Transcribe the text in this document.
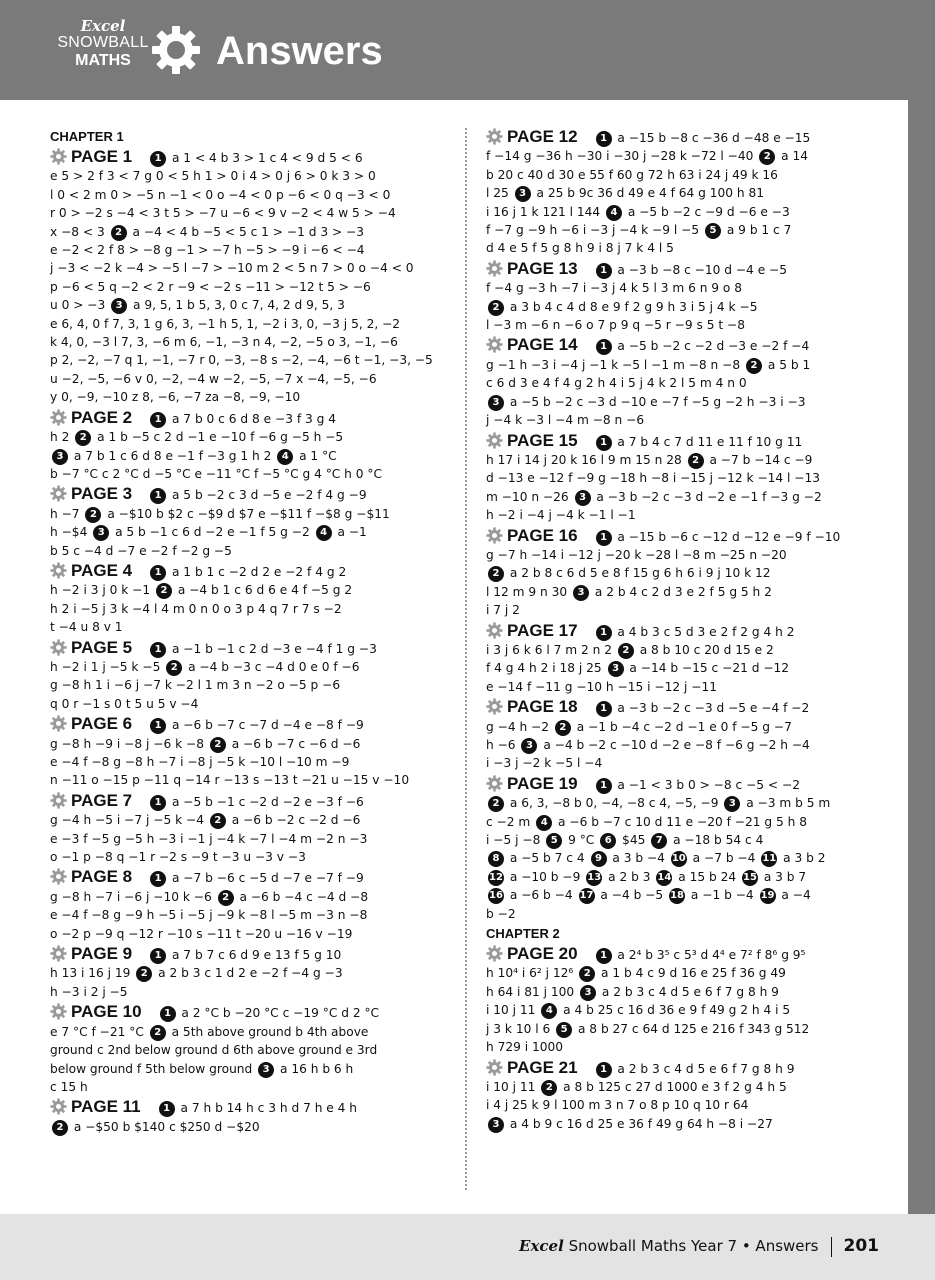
Excel
SNOWBALL
MATHS	Answers
CHAPTER 1
PAGE 1 1 a 1 < 4 b 3 > 1 c 4 < 9 d 5 < 6
e 5 > 2 f 3 < 7 g 0 < 5 h 1 > 0 i 4 > 0 j 6 > 0 k 3 > 0
l 0 < 2 m 0 > −5 n −1 < 0 o −4 < 0 p −6 < 0 q −3 < 0
r 0 > −2 s −4 < 3 t 5 > −7 u −6 < 9 v −2 < 4 w 5 > −4
x −8 < 3 2 a −4 < 4 b −5 < 5 c 1 > −1 d 3 > −3
e −2 < 2 f 8 > −8 g −1 > −7 h −5 > −9 i −6 < −4
j −3 < −2 k −4 > −5 l −7 > −10 m 2 < 5 n 7 > 0 o −4 < 0
p −6 < 5 q −2 < 2 r −9 < −2 s −11 > −12 t 5 > −6
u 0 > −3 3 a 9, 5, 1 b 5, 3, 0 c 7, 4, 2 d 9, 5, 3
e 6, 4, 0 f 7, 3, 1 g 6, 3, −1 h 5, 1, −2 i 3, 0, −3 j 5, 2, −2
k 4, 0, −3 l 7, 3, −6 m 6, −1, −3 n 4, −2, −5 o 3, −1, −6
p 2, −2, −7 q 1, −1, −7 r 0, −3, −8 s −2, −4, −6 t −1, −3, −5
u −2, −5, −6 v 0, −2, −4 w −2, −5, −7 x −4, −5, −6
y 0, −9, −10 z 8, −6, −7 za −8, −9, −10
PAGE 2 1 a 7 b 0 c 6 d 8 e −3 f 3 g 4
h 2 2 a 1 b −5 c 2 d −1 e −10 f −6 g −5 h −5
3 a 7 b 1 c 6 d 8 e −1 f −3 g 1 h 2 4 a 1 °C
b −7 °C c 2 °C d −5 °C e −11 °C f −5 °C g 4 °C h 0 °C
PAGE 3 1 a 5 b −2 c 3 d −5 e −2 f 4 g −9
h −7 2 a −$10 b $2 c −$9 d $7 e −$11 f −$8 g −$11
h −$4 3 a 5 b −1 c 6 d −2 e −1 f 5 g −2 4 a −1
b 5 c −4 d −7 e −2 f −2 g −5
PAGE 4 1 a 1 b 1 c −2 d 2 e −2 f 4 g 2
h −2 i 3 j 0 k −1 2 a −4 b 1 c 6 d 6 e 4 f −5 g 2
h 2 i −5 j 3 k −4 l 4 m 0 n 0 o 3 p 4 q 7 r 7 s −2
t −4 u 8 v 1
PAGE 5 1 a −1 b −1 c 2 d −3 e −4 f 1 g −3
h −2 i 1 j −5 k −5 2 a −4 b −3 c −4 d 0 e 0 f −6
g −8 h 1 i −6 j −7 k −2 l 1 m 3 n −2 o −5 p −6
q 0 r −1 s 0 t 5 u 5 v −4
PAGE 6 1 a −6 b −7 c −7 d −4 e −8 f −9
g −8 h −9 i −8 j −6 k −8 2 a −6 b −7 c −6 d −6
e −4 f −8 g −8 h −7 i −8 j −5 k −10 l −10 m −9
n −11 o −15 p −11 q −14 r −13 s −13 t −21 u −15 v −10
PAGE 7 1 a −5 b −1 c −2 d −2 e −3 f −6
g −4 h −5 i −7 j −5 k −4 2 a −6 b −2 c −2 d −6
e −3 f −5 g −5 h −3 i −1 j −4 k −7 l −4 m −2 n −3
o −1 p −8 q −1 r −2 s −9 t −3 u −3 v −3
PAGE 8 1 a −7 b −6 c −5 d −7 e −7 f −9
g −8 h −7 i −6 j −10 k −6 2 a −6 b −4 c −4 d −8
e −4 f −8 g −9 h −5 i −5 j −9 k −8 l −5 m −3 n −8
o −2 p −9 q −12 r −10 s −11 t −20 u −16 v −19
PAGE 9 1 a 7 b 7 c 6 d 9 e 13 f 5 g 10
h 13 i 16 j 19 2 a 2 b 3 c 1 d 2 e −2 f −4 g −3
h −3 i 2 j −5
PAGE 10 1 a 2 °C b −20 °C c −19 °C d 2 °C
e 7 °C f −21 °C 2 a 5th above ground b 4th above
ground c 2nd below ground d 6th above ground e 3rd
below ground f 5th below ground 3 a 16 h b 6 h
c 15 h
PAGE 11 1 a 7 h b 14 h c 3 h d 7 h e 4 h
2 a −$50 b $140 c $250 d −$20
PAGE 12 1 a −15 b −8 c −36 d −48 e −15
f −14 g −36 h −30 i −30 j −28 k −72 l −40 2 a 14
b 20 c 40 d 30 e 55 f 60 g 72 h 63 i 24 j 49 k 16
l 25 3 a 25 b 9c 36 d 49 e 4 f 64 g 100 h 81
i 16 j 1 k 121 l 144 4 a −5 b −2 c −9 d −6 e −3
f −7 g −9 h −6 i −3 j −4 k −9 l −5 5 a 9 b 1 c 7
d 4 e 5 f 5 g 8 h 9 i 8 j 7 k 4 l 5
PAGE 13 1 a −3 b −8 c −10 d −4 e −5
f −4 g −3 h −7 i −3 j 4 k 5 l 3 m 6 n 9 o 8
2 a 3 b 4 c 4 d 8 e 9 f 2 g 9 h 3 i 5 j 4 k −5
l −3 m −6 n −6 o 7 p 9 q −5 r −9 s 5 t −8
PAGE 14 1 a −5 b −2 c −2 d −3 e −2 f −4
g −1 h −3 i −4 j −1 k −5 l −1 m −8 n −8 2 a 5 b 1
c 6 d 3 e 4 f 4 g 2 h 4 i 5 j 4 k 2 l 5 m 4 n 0
3 a −5 b −2 c −3 d −10 e −7 f −5 g −2 h −3 i −3
j −4 k −3 l −4 m −8 n −6
PAGE 15 1 a 7 b 4 c 7 d 11 e 11 f 10 g 11
h 17 i 14 j 20 k 16 l 9 m 15 n 28 2 a −7 b −14 c −9
d −13 e −12 f −9 g −18 h −8 i −15 j −12 k −14 l −13
m −10 n −26 3 a −3 b −2 c −3 d −2 e −1 f −3 g −2
h −2 i −4 j −4 k −1 l −1
PAGE 16 1 a −15 b −6 c −12 d −12 e −9 f −10
g −7 h −14 i −12 j −20 k −28 l −8 m −25 n −20
2 a 2 b 8 c 6 d 5 e 8 f 15 g 6 h 6 i 9 j 10 k 12
l 12 m 9 n 30 3 a 2 b 4 c 2 d 3 e 2 f 5 g 5 h 2
i 7 j 2
PAGE 17 1 a 4 b 3 c 5 d 3 e 2 f 2 g 4 h 2
i 3 j 6 k 6 l 7 m 2 n 2 2 a 8 b 10 c 20 d 15 e 2
f 4 g 4 h 2 i 18 j 25 3 a −14 b −15 c −21 d −12
e −14 f −11 g −10 h −15 i −12 j −11
PAGE 18 1 a −3 b −2 c −3 d −5 e −4 f −2
g −4 h −2 2 a −1 b −4 c −2 d −1 e 0 f −5 g −7
h −6 3 a −4 b −2 c −10 d −2 e −8 f −6 g −2 h −4
i −3 j −2 k −5 l −4
PAGE 19 1 a −1 < 3 b 0 > −8 c −5 < −2
2 a 6, 3, −8 b 0, −4, −8 c 4, −5, −9 3 a −3 m b 5 m
c −2 m 4 a −6 b −7 c 10 d 11 e −20 f −21 g 5 h 8
i −5 j −8 5 9 °C 6 $45 7 a −18 b 54 c 4
8 a −5 b 7 c 4 9 a 3 b −4 10 a −7 b −4 11 a 3 b 2
12 a −10 b −9 13 a 2 b 3 14 a 15 b 24 15 a 3 b 7
16 a −6 b −4 17 a −4 b −5 18 a −1 b −4 19 a −4
b −2
CHAPTER 2
PAGE 20 1 a 2⁴ b 3⁵ c 5³ d 4⁴ e 7² f 8⁶ g 9⁵
h 10⁴ i 6² j 12⁶ 2 a 1 b 4 c 9 d 16 e 25 f 36 g 49
h 64 i 81 j 100 3 a 2 b 3 c 4 d 5 e 6 f 7 g 8 h 9
i 10 j 11 4 a 4 b 25 c 16 d 36 e 9 f 49 g 2 h 4 i 5
j 3 k 10 l 6 5 a 8 b 27 c 64 d 125 e 216 f 343 g 512
h 729 i 1000
PAGE 21 1 a 2 b 3 c 4 d 5 e 6 f 7 g 8 h 9
i 10 j 11 2 a 8 b 125 c 27 d 1000 e 3 f 2 g 4 h 5
i 4 j 25 k 9 l 100 m 3 n 7 o 8 p 10 q 10 r 64
3 a 4 b 9 c 16 d 25 e 36 f 49 g 64 h −8 i −27
Excel Snowball Maths Year 7 • Answers 201
